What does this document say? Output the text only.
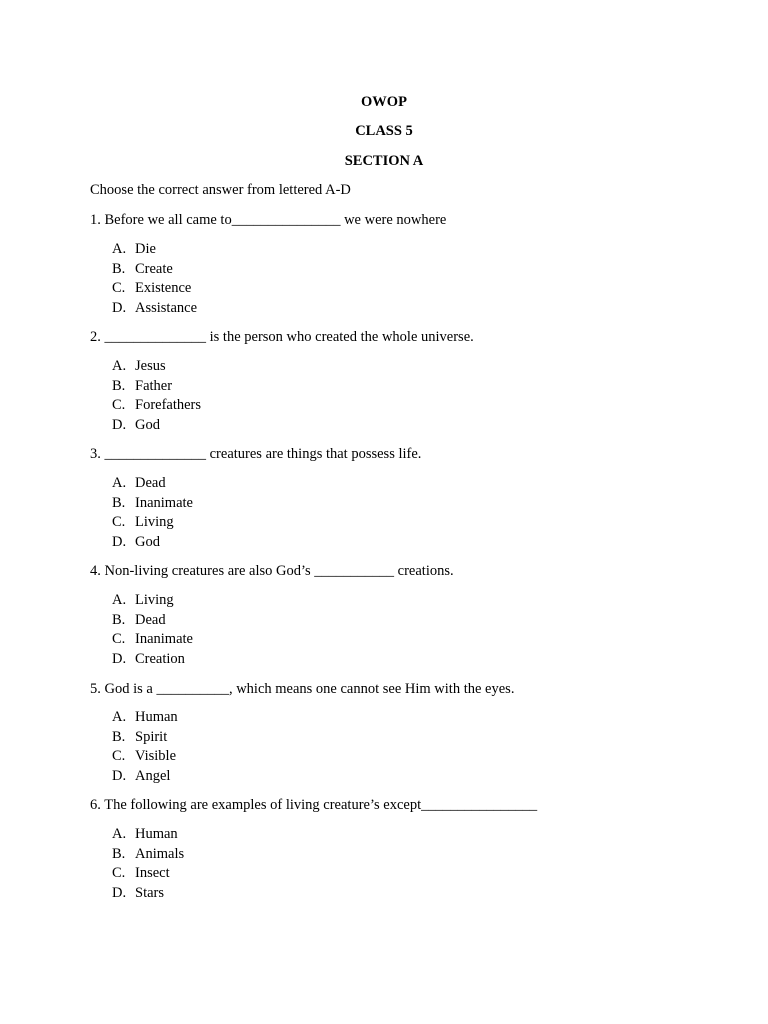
OWOP
CLASS 5
SECTION A
Choose the correct answer from lettered A-D
1. Before we all came to_______________ we were nowhere
A. Die
B. Create
C. Existence
D. Assistance
2. ______________ is the person who created the whole universe.
A. Jesus
B. Father
C. Forefathers
D. God
3. ______________ creatures are things that possess life.
A. Dead
B. Inanimate
C. Living
D. God
4. Non-living creatures are also God’s ___________ creations.
A. Living
B. Dead
C. Inanimate
D. Creation
5. God is a __________, which means one cannot see Him with the eyes.
A. Human
B. Spirit
C. Visible
D. Angel
6. The following are examples of living creature’s except________________
A. Human
B. Animals
C. Insect
D. Stars
